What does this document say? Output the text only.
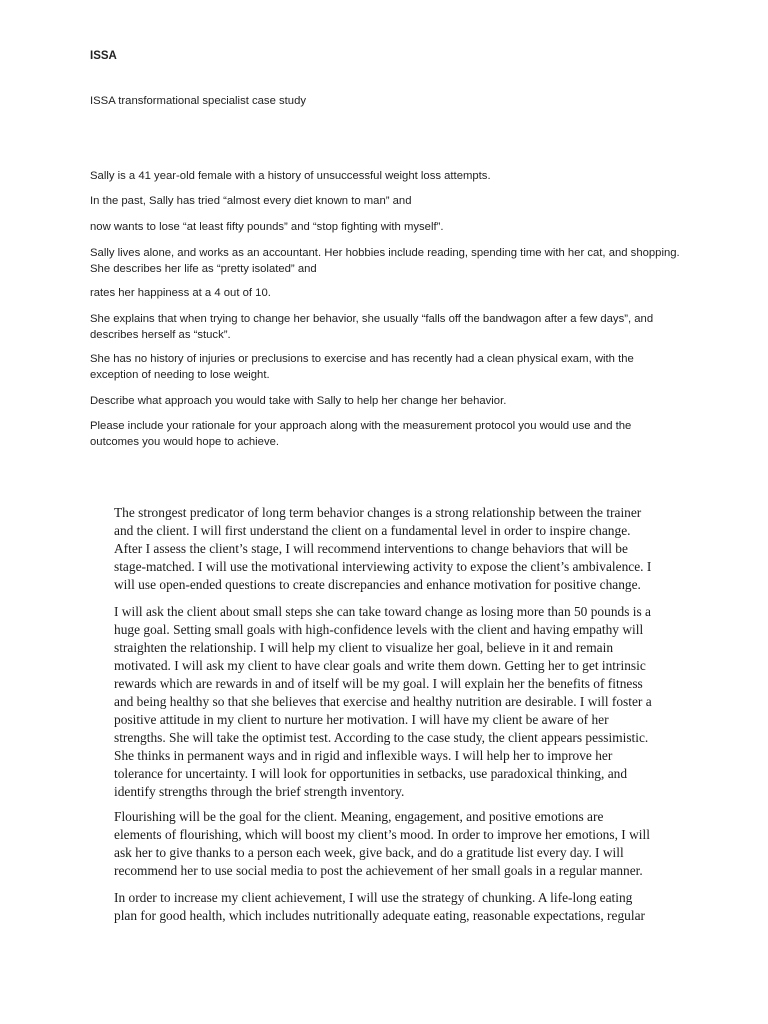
ISSA

ISSA transformational specialist case study

Sally is a 41 year-old female with a history of unsuccessful weight loss attempts.

In the past, Sally has tried “almost every diet known to man” and

now wants to lose “at least fifty pounds” and “stop fighting with myself”.

Sally lives alone, and works as an accountant. Her hobbies include reading, spending time with her cat, and shopping. She describes her life as “pretty isolated” and

rates her happiness at a 4 out of 10.

She explains that when trying to change her behavior, she usually “falls off the bandwagon after a few days”, and describes herself as “stuck”.

She has no history of injuries or preclusions to exercise and has recently had a clean physical exam, with the exception of needing to lose weight.

Describe what approach you would take with Sally to help her change her behavior.

Please include your rationale for your approach along with the measurement protocol you would use and the outcomes you would hope to achieve.

The strongest predicator of long term behavior changes is a strong relationship between the trainer and the client. I will first understand the client on a fundamental level in order to inspire change. After I assess the client’s stage, I will recommend interventions to change behaviors that will be stage-matched. I will use the motivational interviewing activity to expose the client’s ambivalence. I will use open-ended questions to create discrepancies and enhance motivation for positive change.

I will ask the client about small steps she can take toward change as losing more than 50 pounds is a huge goal. Setting small goals with high-confidence levels with the client and having empathy will straighten the relationship. I will help my client to visualize her goal, believe in it and remain motivated. I will ask my client to have clear goals and write them down. Getting her to get intrinsic rewards which are rewards in and of itself will be my goal. I will explain her the benefits of fitness and being healthy so that she believes that exercise and healthy nutrition are desirable. I will foster a positive attitude in my client to nurture her motivation. I will have my client be aware of her strengths. She will take the optimist test. According to the case study, the client appears pessimistic. She thinks in permanent ways and in rigid and inflexible ways. I will help her to improve her tolerance for uncertainty. I will look for opportunities in setbacks, use paradoxical thinking, and identify strengths through the brief strength inventory.

Flourishing will be the goal for the client. Meaning, engagement, and positive emotions are elements of flourishing, which will boost my client’s mood. In order to improve her emotions, I will ask her to give thanks to a person each week, give back, and do a gratitude list every day. I will recommend her to use social media to post the achievement of her small goals in a regular manner.

In order to increase my client achievement, I will use the strategy of chunking. A life-long eating plan for good health, which includes nutritionally adequate eating, reasonable expectations, regular
